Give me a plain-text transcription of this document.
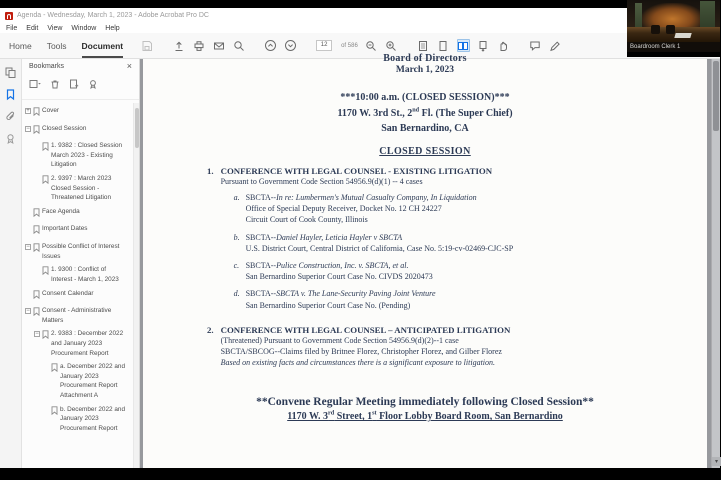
Agenda - Wednesday, March 1, 2023 - Adobe Acrobat Pro DC
File Edit View Window Help
Home Tools Document	12	of 586
Bookmarks	×
+ Cover
− Closed Session
1. 9382 : Closed Session March 2023 - Existing Litigation
2. 9397 : March 2023 Closed Session - Threatened Litigation
Face Agenda
Important Dates
− Possible Conflict of Interest Issues
1. 9300 : Conflict of Interest - March 1, 2023
Consent Calendar
− Consent - Administrative Matters
− 2. 9383 : December 2022 and January 2023 Procurement Report
a. December 2022 and January 2023 Procurement Report Attachment A
b. December 2022 and January 2023 Procurement Report
Board of Directors
March 1, 2023
***10:00 a.m. (CLOSED SESSION)***
1170 W. 3rd St., 2nd Fl. (The Super Chief)
San Bernardino, CA
CLOSED SESSION
1. CONFERENCE WITH LEGAL COUNSEL - EXISTING LITIGATION
Pursuant to Government Code Section 54956.9(d)(1) -- 4 cases
a. SBCTA--In re: Lumbermen's Mutual Casualty Company, In Liquidation
Office of Special Deputy Receiver, Docket No. 12 CH 24227
Circuit Court of Cook County, Illinois
b. SBCTA--Daniel Hayler, Leticia Hayler v SBCTA
U.S. District Court, Central District of California, Case No. 5:19-cv-02469-CJC-SP
c. SBCTA--Pulice Construction, Inc. v. SBCTA, et al.
San Bernardino Superior Court Case No. CIVDS 2020473
d. SBCTA--SBCTA v. The Lane-Security Paving Joint Venture
San Bernardino Superior Court Case No. (Pending)
2. CONFERENCE WITH LEGAL COUNSEL – ANTICIPATED LITIGATION
(Threatened) Pursuant to Government Code Section 54956.9(d)(2)--1 case
SBCTA/SBCOG--Claims filed by Britnee Florez, Christopher Florez, and Gilber Florez
Based on existing facts and circumstances there is a significant exposure to litigation.
**Convene Regular Meeting immediately following Closed Session**
1170 W. 3rd Street, 1st Floor Lobby Board Room, San Bernardino
▾
Boardroom Clerk 1
